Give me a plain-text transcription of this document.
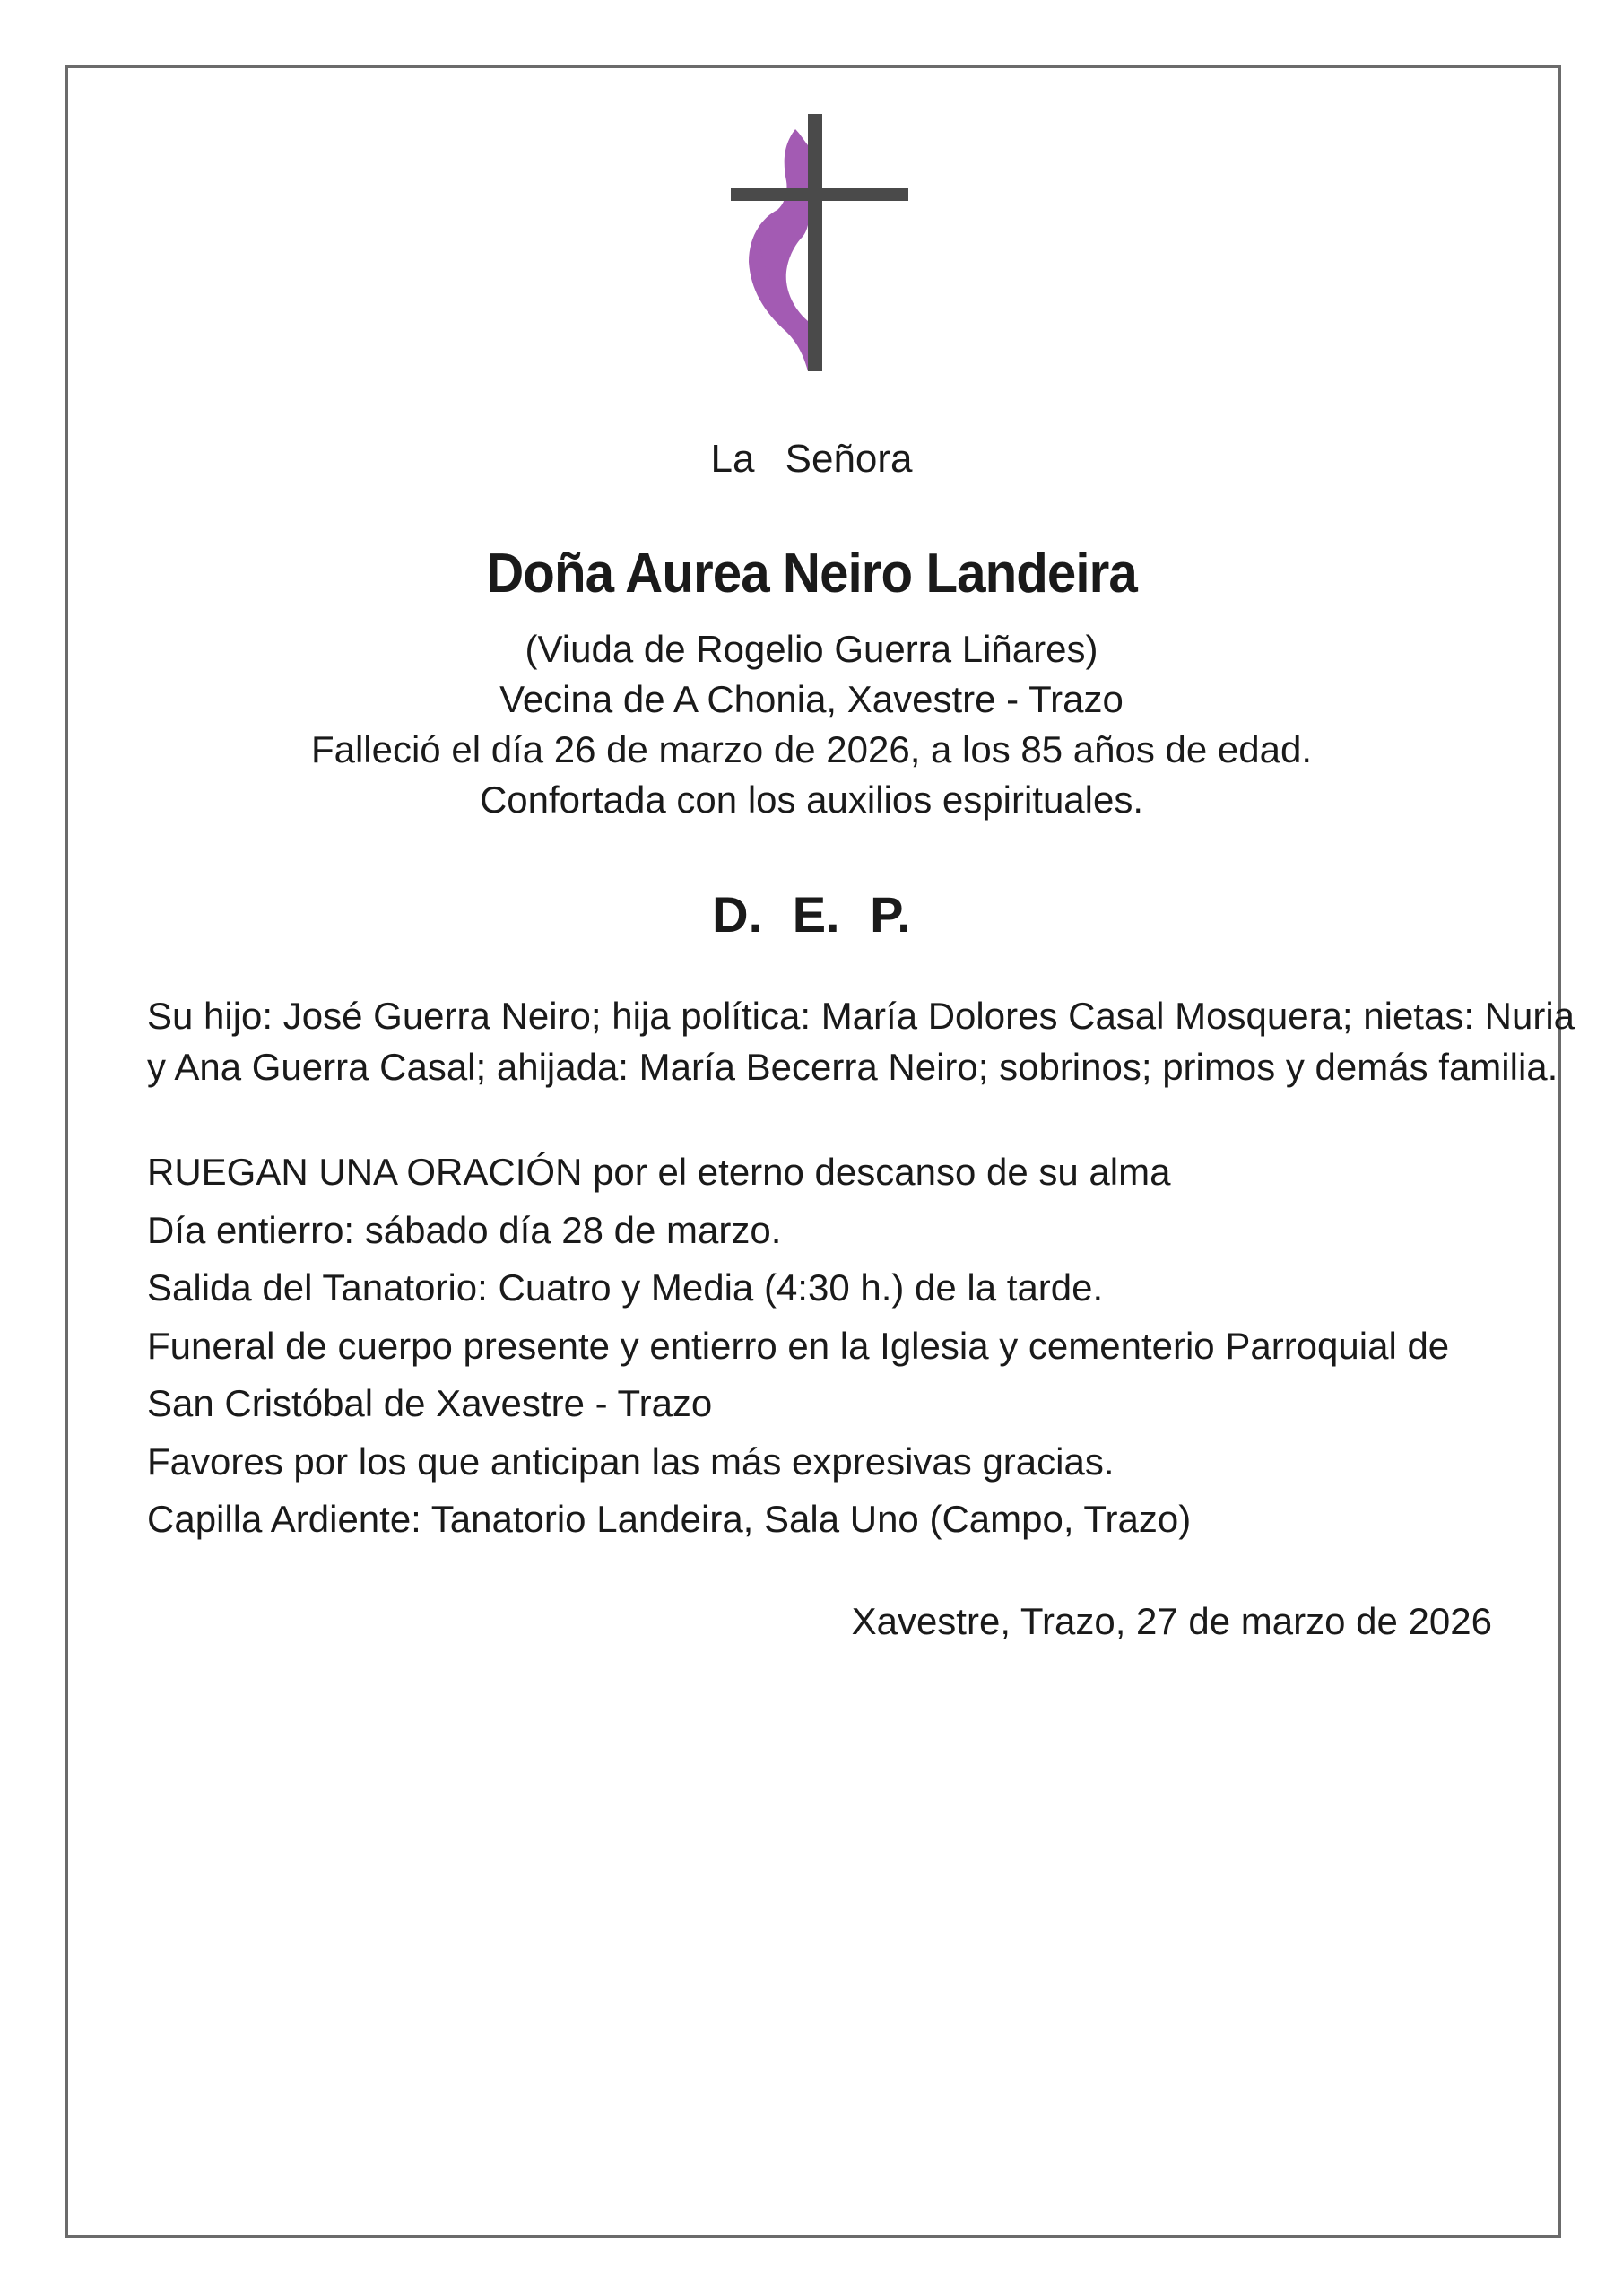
La Señora
Doña Aurea Neiro Landeira
(Viuda de Rogelio Guerra Liñares)
Vecina de A Chonia, Xavestre - Trazo
Falleció el día 26 de marzo de 2026, a los 85 años de edad.
Confortada con los auxilios espirituales.
D. E. P.
Su hijo: José Guerra Neiro; hija política: María Dolores Casal Mosquera; nietas: Nuria
y Ana Guerra Casal; ahijada: María Becerra Neiro; sobrinos; primos y demás familia.
RUEGAN UNA ORACIÓN por el eterno descanso de su alma
Día entierro: sábado día 28 de marzo.
Salida del Tanatorio: Cuatro y Media (4:30 h.) de la tarde.
Funeral de cuerpo presente y entierro en la Iglesia y cementerio Parroquial de
San Cristóbal de Xavestre - Trazo
Favores por los que anticipan las más expresivas gracias.
Capilla Ardiente: Tanatorio Landeira, Sala Uno (Campo, Trazo)
Xavestre, Trazo, 27 de marzo de 2026
